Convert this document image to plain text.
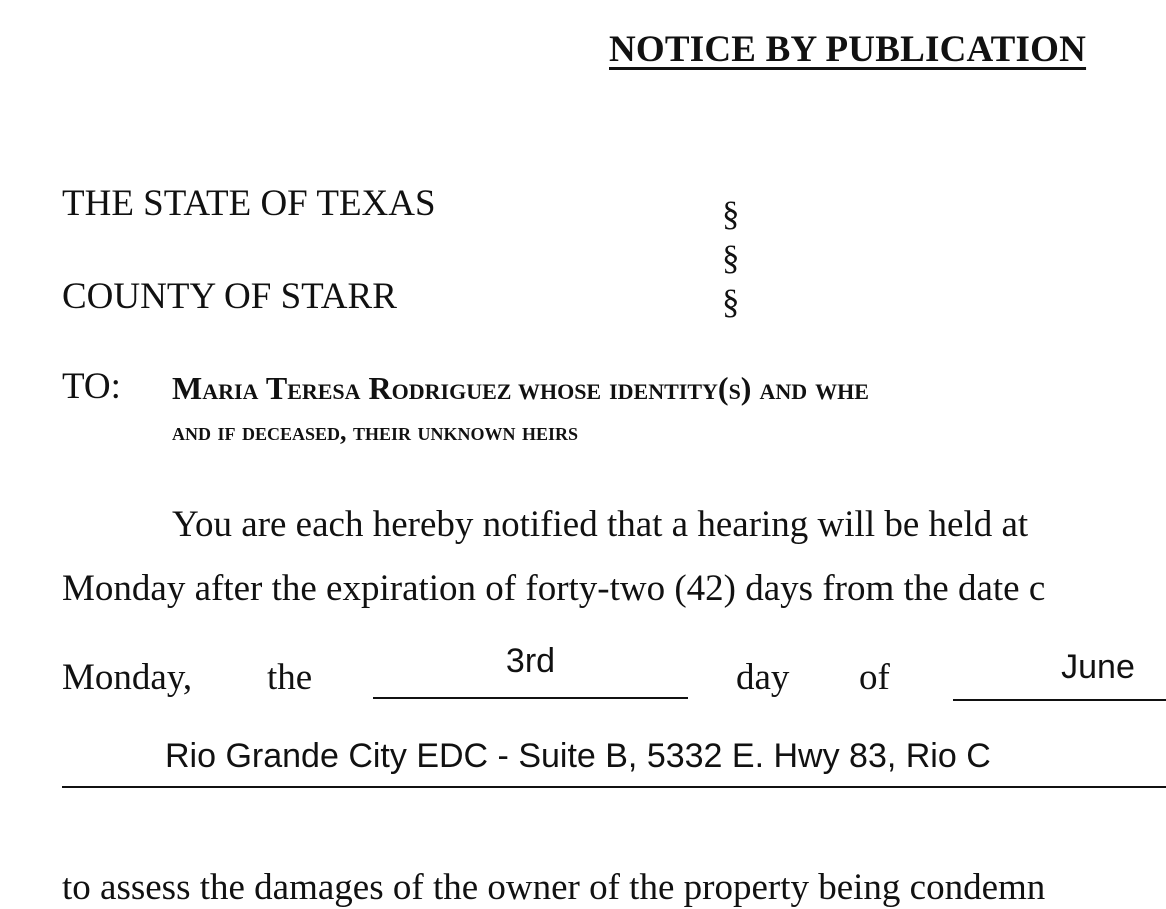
NOTICE BY PUBLICATION
THE STATE OF TEXAS
COUNTY OF STARR
§
§
§
TO: Maria Teresa Rodriguez whose identity(s) and whe
and if deceased, their unknown heirs
You are each hereby notified that a hearing will be held at
Monday after the expiration of forty-two (42) days from the date c
Monday, the	day of
3rd	June
Rio Grande City EDC - Suite B, 5332 E. Hwy 83, Rio C
to assess the damages of the owner of the property being condemn
